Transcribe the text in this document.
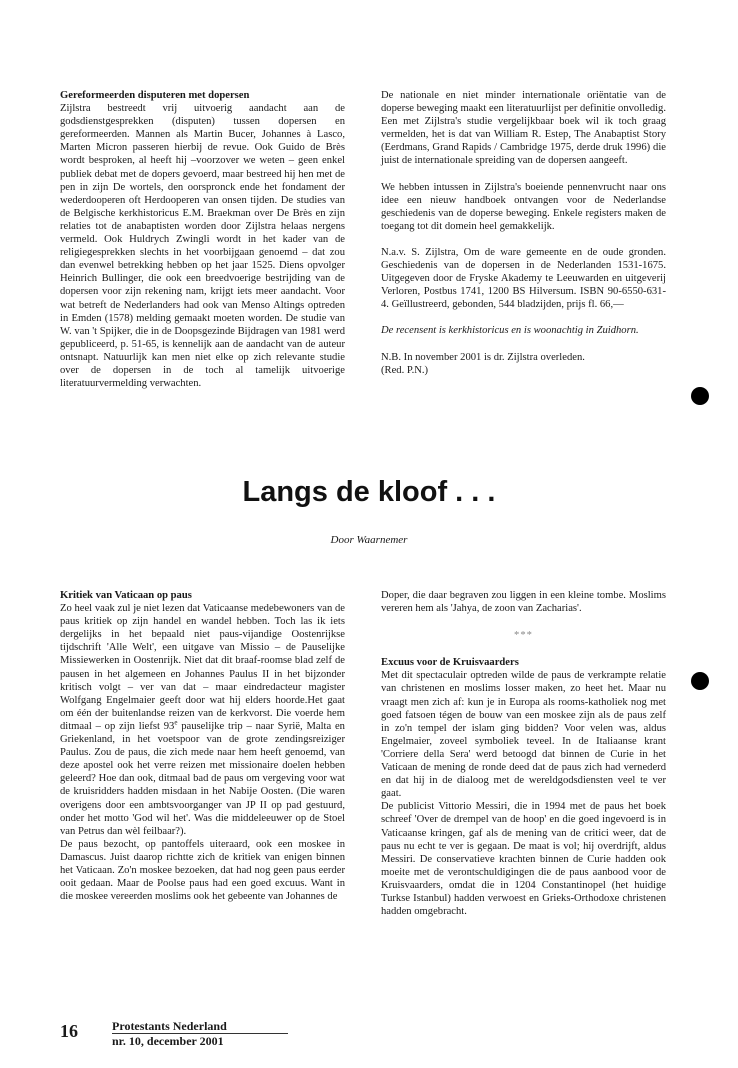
Gereformeerden disputeren met dopersen

Zijlstra bestreedt vrij uitvoerig aandacht aan de godsdienstgesprekken (disputen) tussen dopersen en gereformeerden. Mannen als Martin Bucer, Johannes à Lasco, Marten Micron passeren hierbij de revue. Ook Guido de Brès wordt besproken, al heeft hij –voorzover we weten – geen enkel publiek debat met de dopers gevoerd, maar bestreed hij hen met de pen in zijn De wortels, den oorspronck ende het fondament der wederdooperen oft Herdooperen van onsen tijden. De studies van de Belgische kerkhistoricus E.M. Braekman over De Brès en zijn relaties tot de anabaptisten worden door Zijlstra helaas nergens vermeld. Ook Huldrych Zwingli wordt in het kader van de religiegesprekken slechts in het voorbijgaan genoemd – dat zou dan evenwel betrekking hebben op het jaar 1525. Diens opvolger Heinrich Bullinger, die ook een breedvoerige bestrijding van de dopersen voor zijn rekening nam, krijgt iets meer aandacht. Voor wat betreft de Nederlanders had ook van Menso Altings optreden in Emden (1578) melding gemaakt moeten worden. De studie van W. van 't Spijker, die in de Doopsgezinde Bijdragen van 1981 werd gepubliceerd, p. 51-65, is kennelijk aan de aandacht van de auteur ontsnapt. Natuurlijk kan men niet elke op zich relevante studie over de dopersen in de toch al tamelijk uitvoerige literatuurvermelding verwachten.

De nationale en niet minder internationale oriëntatie van de doperse beweging maakt een literatuurlijst per definitie onvolledig. Een met Zijlstra's studie vergelijkbaar boek wil ik toch graag vermelden, het is dat van William R. Estep, The Anabaptist Story (Eerdmans, Grand Rapids / Cambridge 1975, derde druk 1996) die juist de internationale spreiding van de dopersen aangeeft.

We hebben intussen in Zijlstra's boeiende pennenvrucht naar ons idee een nieuw handboek ontvangen voor de Nederlandse geschiedenis van de doperse beweging. Enkele registers maken de toegang tot dit domein heel gemakkelijk.

N.a.v. S. Zijlstra, Om de ware gemeente en de oude gronden. Geschiedenis van de dopersen in de Nederlanden 1531-1675. Uitgegeven door de Fryske Akademy te Leeuwarden en uitgeverij Verloren, Postbus 1741, 1200 BS Hilversum. ISBN 90-6550-631-4. Geïllustreerd, gebonden, 544 bladzijden, prijs fl. 66,—

De recensent is kerkhistoricus en is woonachtig in Zuidhorn.

N.B. In november 2001 is dr. Zijlstra overleden.

(Red. P.N.)

Langs de kloof . . .
Door Waarnemer
Kritiek van Vaticaan op paus

Zo heel vaak zul je niet lezen dat Vaticaanse medebewoners van de paus kritiek op zijn handel en wandel hebben. Toch las ik iets dergelijks in het bepaald niet paus-vijandige Oostenrijkse tijdschrift 'Alle Welt', een uitgave van Missio – de Pauselijke Missiewerken in Oostenrijk. Niet dat dit braaf-roomse blad zelf de pausen in het algemeen en Johannes Paulus II in het bijzonder kritisch volgt – ver van dat – maar eindredacteur magister Wolfgang Engelmaier geeft door wat hij elders hoorde.Het gaat om één der buitenlandse reizen van de kerkvorst. Die voerde hem ditmaal – op zijn liefst 93e pauselijke trip – naar Syrië, Malta en Griekenland, in het voetspoor van de grote zendingsreiziger Paulus. Zou de paus, die zich mede naar hem heeft genoemd, van deze apostel ook het verre reizen met missionaire doelen hebben geleerd? Hoe dan ook, ditmaal bad de paus om vergeving voor wat de kruisridders hadden misdaan in het Nabije Oosten. (Die waren overigens door een ambtsvoorganger van JP II op pad gestuurd, onder het motto 'God wil het'. Was die middeleeuwer op de Stoel van Petrus dan wèl feilbaar?).

De paus bezocht, op pantoffels uiteraard, ook een moskee in Damascus. Juist daarop richtte zich de kritiek van enigen binnen het Vaticaan. Zo'n moskee bezoeken, dat had nog geen paus eerder ooit gedaan. Maar de Poolse paus had een goed excuus. Want in die moskee vereerden moslims ook het gebeente van Johannes de

Doper, die daar begraven zou liggen in een kleine tombe. Moslims vereren hem als 'Jahya, de zoon van Zacharias'.

***

Excuus voor de Kruisvaarders

Met dit spectaculair optreden wilde de paus de verkrampte relatie van christenen en moslims losser maken, zo heet het. Maar nu vraagt men zich af: kun je in Europa als rooms-katholiek nog met goed fatsoen tégen de bouw van een moskee zijn als de paus zelf in zo'n tempel der islam ging bidden? Voor velen was, aldus Engelmaier, zoveel symboliek teveel. In de Italiaanse krant 'Corriere della Sera' werd betoogd dat binnen de Curie in het Vaticaan de mening de ronde deed dat de paus zich had vernederd en dat hij in de dialoog met de wereldgodsdiensten veel te ver gaat.

De publicist Vittorio Messiri, die in 1994 met de paus het boek schreef 'Over de drempel van de hoop' en die goed ingevoerd is in Vaticaanse kringen, gaf als de mening van de critici weer, dat de paus nu echt te ver is gegaan. De maat is vol; hij overdrijft, aldus Messiri. De conservatieve krachten binnen de Curie hadden ook moeite met de verontschuldigingen die de paus aanbood voor de Kruisvaarders, omdat die in 1204 Constantinopel (het huidige Turkse Istanbul) hadden verwoest en Grieks-Orthodoxe christenen hadden omgebracht.

16	Protestants Nederland
nr. 10, december 2001
